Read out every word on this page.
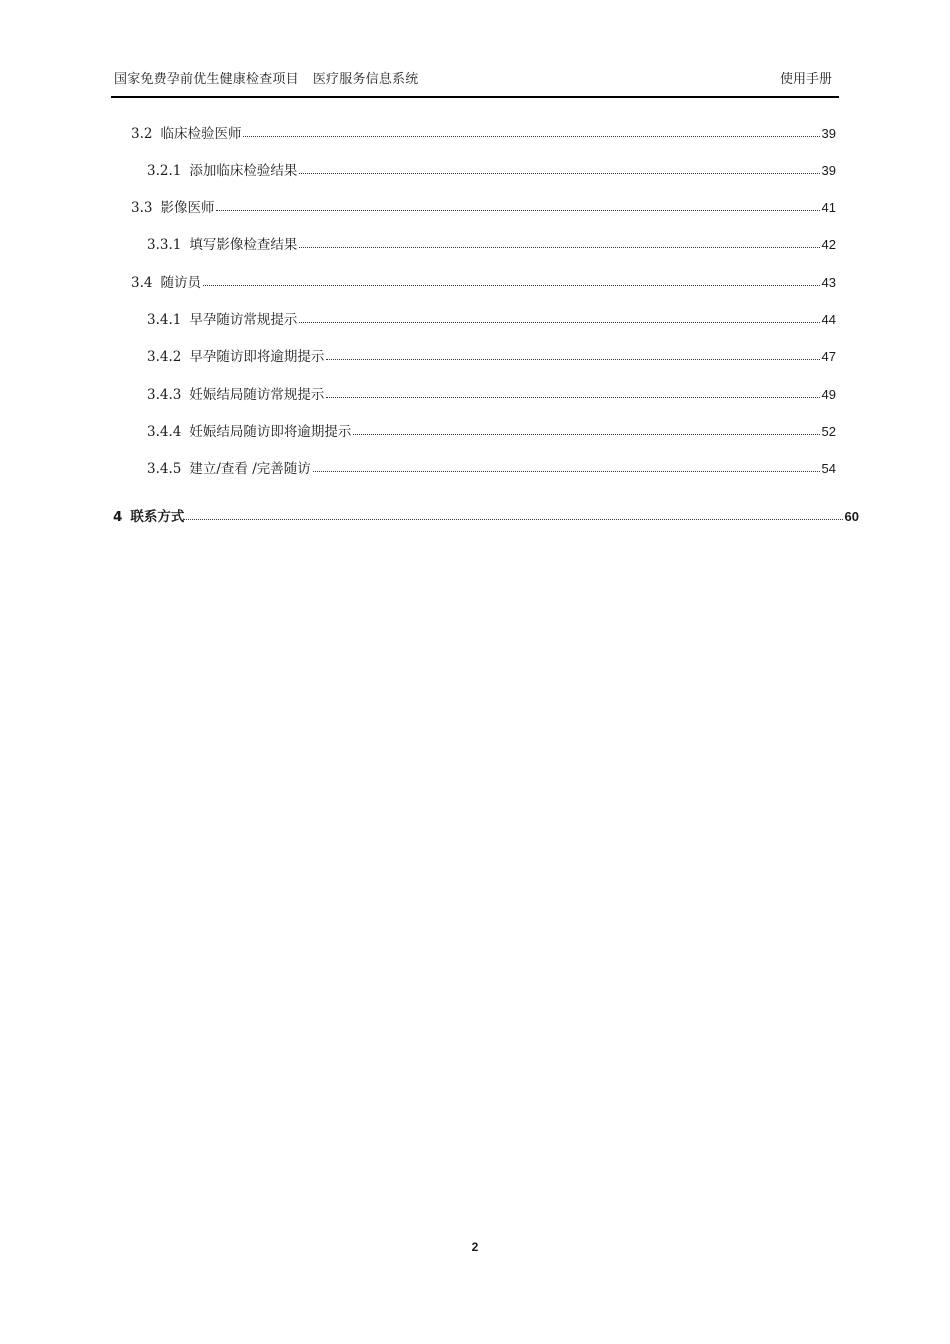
国家免费孕前优生健康检查项目 医疗服务信息系统	使用手册
3.2 临床检验医师	39
3.2.1 添加临床检验结果	39
3.3 影像医师	41
3.3.1 填写影像检查结果	42
3.4 随访员	43
3.4.1 早孕随访常规提示	44
3.4.2 早孕随访即将逾期提示	47
3.4.3 妊娠结局随访常规提示	49
3.4.4 妊娠结局随访即将逾期提示	52
3.4.5 建立/查看 /完善随访	54
4 联系方式	60
2
